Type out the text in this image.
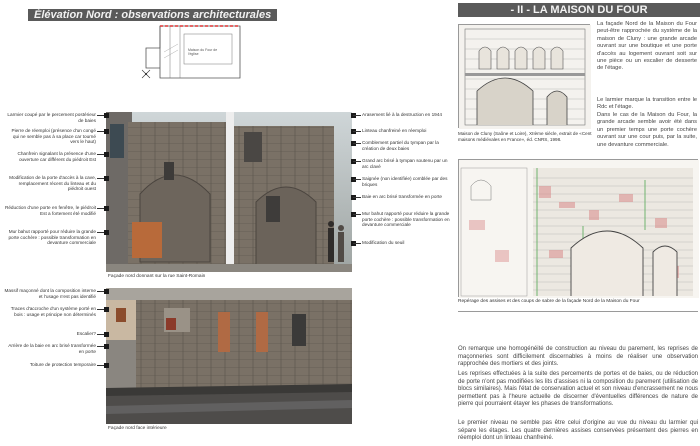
Élévation Nord : observations architecturales
Maison du Four de l'église
Façade nord donnant sur la rue Saint-Romain
Façade nord face intérieure
Larmier coupé par le percement postérieur de baies
Pierre de réemploi (présence d'un congé qui ne semble pas à sa place car tourné vers le haut)
Chanfrein signalant la présence d'une ouverture car différent du piédroit Est
Modification de la porte d'accès à la cave, remplacement récent du linteau et du piédroit ouest
Réduction d'une porte en fenêtre, le piédroit Est a fortement été modifié
Mur bahut rapporté pour réduire la grande porte cochère : possible transformation en devanture commerciale
Arasement lié à la destruction en 1944
Linteau chanfreiné en réemploi
Comblement partiel du tympan par la création de deux baies
Grand arc brisé à tympan soutenu par un arc clavé
Saignée (non identifiée) comblée par des briques
Baie en arc brisé transformée en porte
Mur bahut rapporté pour réduire la grande porte cochère : possible transformation en devanture commerciale
Modification du seuil
Massif maçonné dont la composition interne et l'usage n'est pas identifié
Traces d'accroche d'un système porté en bois : usage et principe non déterminés
Escalier?
Arrière de la baie en arc brisé transformée en porte
Toiture de protection temporaire
- II - LA MAISON DU FOUR
Maison de Cluny (Saône et Loire), XIIème siècle, extrait de «Cent maisons médiévales en France», éd. CNRS, 1998.
La façade Nord de la Maison du Four peut-être rapprochée du système de la maison de Cluny : une grande arcade ouvrant sur une boutique et une porte d'accès au logement ouvrant soit sur une pièce ou un escalier de desserte de l'étage.
Le larmier marque la transition entre le Rdc et l'étage.
Dans le cas de la Maison du Four, la grande arcade semble avoir été dans un premier temps une porte cochère ouvrant sur une cour puis, par la suite, une devanture commerciale.
Repérage des assises et des coups de sabre de la façade Nord de la Maison du Four
On remarque une homogénéité de construction au niveau du parement, les reprises de maçonneries sont difficilement discernables à moins de réaliser une observation rapprochée des mortiers et des joints.
Les reprises effectuées à la suite des percements de portes et de baies, ou de réduction de porte n'ont pas modifiées les lits d'assises ni la composition du parement (utilisation de blocs similaires). Mais l'état de conservation actuel et son niveau d'encrassement ne nous permettent pas à l'heure actuelle de discerner d'éventuelles différences de nature de pierre qui pourraient étayer les phases de transformations.
Le premier niveau ne semble pas être celui d'origine au vue du niveau du larmier qui sépare les étages. Les quatre dernières assises conservées présentent des pierres en réemploi dont un linteau chanfreiné.
